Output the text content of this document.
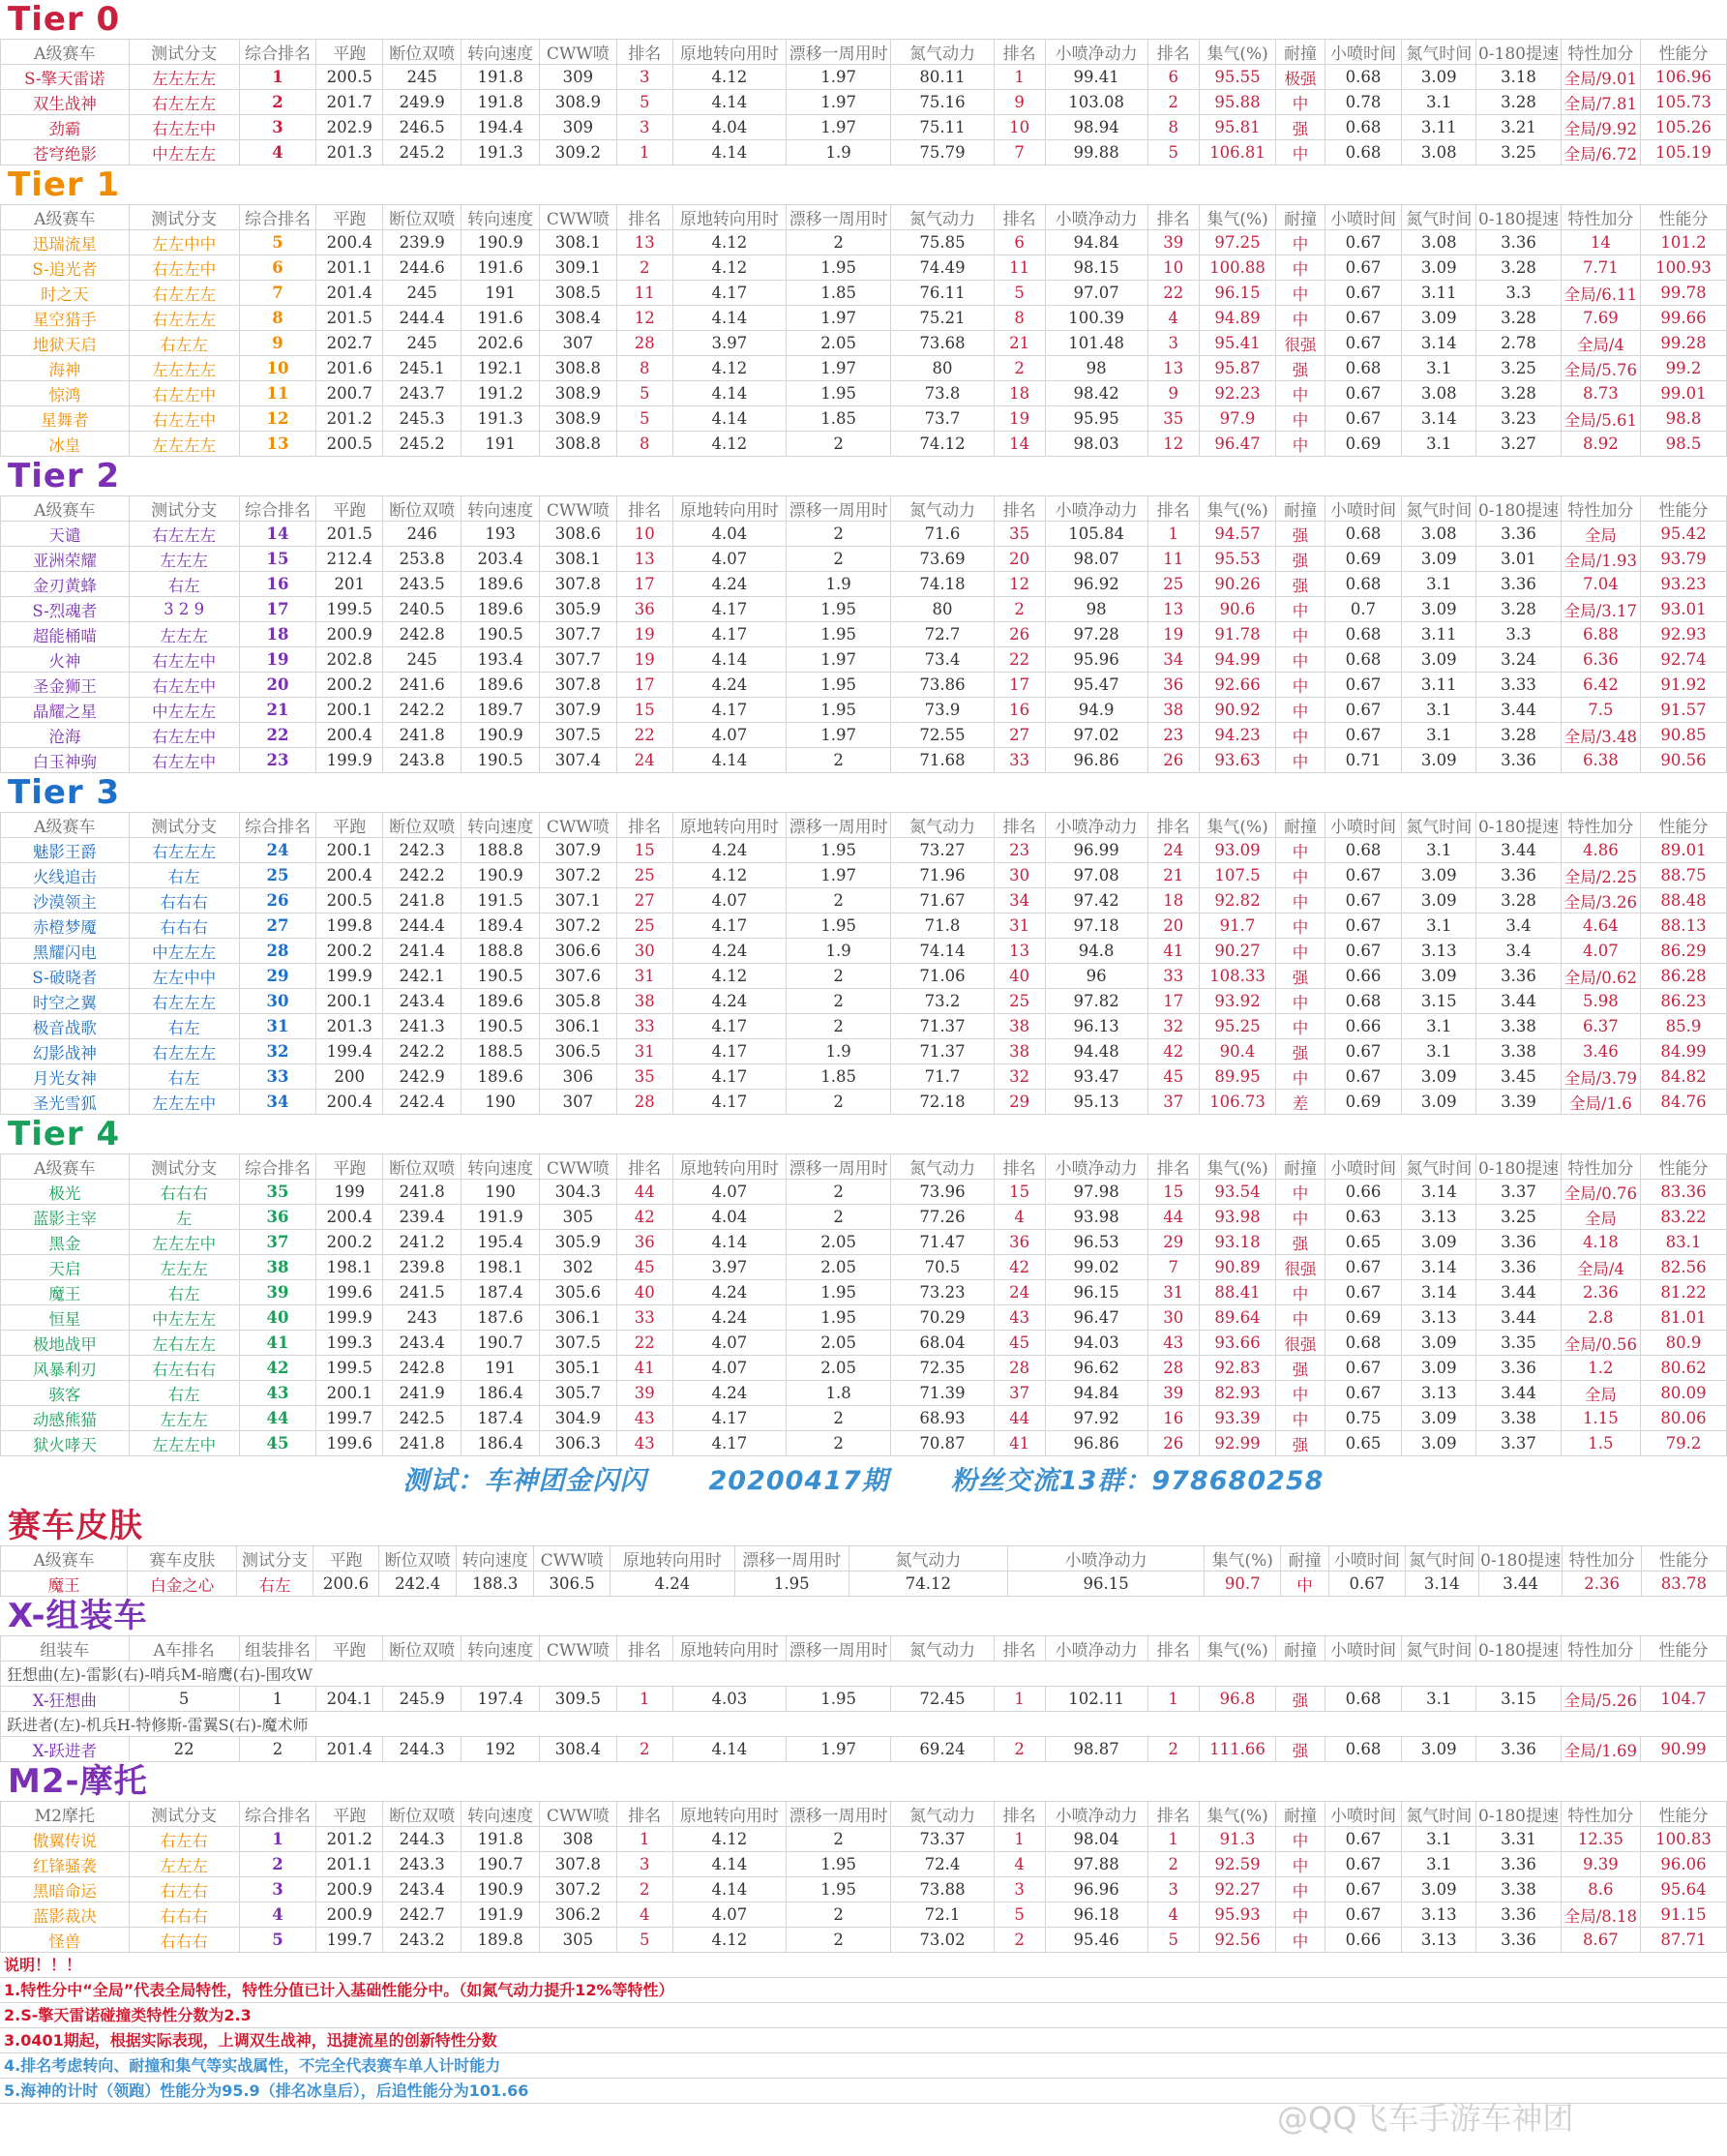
Tier 0
A级赛车	测试分支	综合排名	平跑	断位双喷	转向速度	CWW喷	排名	原地转向用时	漂移一周用时	氮气动力	排名	小喷净动力	排名	集气(%)	耐撞	小喷时间	氮气时间	0-180提速	特性加分	性能分
S-擎天雷诺	左左左左	1	200.5	245	191.8	309	3	4.12	1.97	80.11	1	99.41	6	95.55	极强	0.68	3.09	3.18	全局/9.01	106.96
双生战神	右左左左	2	201.7	249.9	191.8	308.9	5	4.14	1.97	75.16	9	103.08	2	95.88	中	0.78	3.1	3.28	全局/7.81	105.73
劲霸	右左左中	3	202.9	246.5	194.4	309	3	4.04	1.97	75.11	10	98.94	8	95.81	强	0.68	3.11	3.21	全局/9.92	105.26
苍穹绝影	中左左左	4	201.3	245.2	191.3	309.2	1	4.14	1.9	75.79	7	99.88	5	106.81	中	0.68	3.08	3.25	全局/6.72	105.19
Tier 1
A级赛车	测试分支	综合排名	平跑	断位双喷	转向速度	CWW喷	排名	原地转向用时	漂移一周用时	氮气动力	排名	小喷净动力	排名	集气(%)	耐撞	小喷时间	氮气时间	0-180提速	特性加分	性能分
迅瑞流星	左左中中	5	200.4	239.9	190.9	308.1	13	4.12	2	75.85	6	94.84	39	97.25	中	0.67	3.08	3.36	14	101.2
S-追光者	右左左中	6	201.1	244.6	191.6	309.1	2	4.12	1.95	74.49	11	98.15	10	100.88	中	0.67	3.09	3.28	7.71	100.93
时之天	右左左左	7	201.4	245	191	308.5	11	4.17	1.85	76.11	5	97.07	22	96.15	中	0.67	3.11	3.3	全局/6.11	99.78
星空猎手	右左左左	8	201.5	244.4	191.6	308.4	12	4.14	1.97	75.21	8	100.39	4	94.89	中	0.67	3.09	3.28	7.69	99.66
地狱天启	右左左	9	202.7	245	202.6	307	28	3.97	2.05	73.68	21	101.48	3	95.41	很强	0.67	3.14	2.78	全局/4	99.28
海神	左左左左	10	201.6	245.1	192.1	308.8	8	4.12	1.97	80	2	98	13	95.87	强	0.68	3.1	3.25	全局/5.76	99.2
惊鸿	右左左中	11	200.7	243.7	191.2	308.9	5	4.14	1.95	73.8	18	98.42	9	92.23	中	0.67	3.08	3.28	8.73	99.01
星舞者	右左左中	12	201.2	245.3	191.3	308.9	5	4.14	1.85	73.7	19	95.95	35	97.9	中	0.67	3.14	3.23	全局/5.61	98.8
冰皇	左左左左	13	200.5	245.2	191	308.8	8	4.12	2	74.12	14	98.03	12	96.47	中	0.69	3.1	3.27	8.92	98.5
Tier 2
A级赛车	测试分支	综合排名	平跑	断位双喷	转向速度	CWW喷	排名	原地转向用时	漂移一周用时	氮气动力	排名	小喷净动力	排名	集气(%)	耐撞	小喷时间	氮气时间	0-180提速	特性加分	性能分
天谴	右左左左	14	201.5	246	193	308.6	10	4.04	2	71.6	35	105.84	1	94.57	强	0.68	3.08	3.36	全局	95.42
亚洲荣耀	左左左	15	212.4	253.8	203.4	308.1	13	4.07	2	73.69	20	98.07	11	95.53	强	0.69	3.09	3.01	全局/1.93	93.79
金刃黄蜂	右左	16	201	243.5	189.6	307.8	17	4.24	1.9	74.18	12	96.92	25	90.26	强	0.68	3.1	3.36	7.04	93.23
S-烈魂者	3 2 9	17	199.5	240.5	189.6	305.9	36	4.17	1.95	80	2	98	13	90.6	中	0.7	3.09	3.28	全局/3.17	93.01
超能桶喵	左左左	18	200.9	242.8	190.5	307.7	19	4.17	1.95	72.7	26	97.28	19	91.78	中	0.68	3.11	3.3	6.88	92.93
火神	右左左中	19	202.8	245	193.4	307.7	19	4.14	1.97	73.4	22	95.96	34	94.99	中	0.68	3.09	3.24	6.36	92.74
圣金狮王	右左左中	20	200.2	241.6	189.6	307.8	17	4.24	1.95	73.86	17	95.47	36	92.66	中	0.67	3.11	3.33	6.42	91.92
晶耀之星	中左左左	21	200.1	242.2	189.7	307.9	15	4.17	1.95	73.9	16	94.9	38	90.92	中	0.67	3.1	3.44	7.5	91.57
沧海	右左左中	22	200.4	241.8	190.9	307.5	22	4.07	1.97	72.55	27	97.02	23	94.23	中	0.67	3.1	3.28	全局/3.48	90.85
白玉神驹	右左左中	23	199.9	243.8	190.5	307.4	24	4.14	2	71.68	33	96.86	26	93.63	中	0.71	3.09	3.36	6.38	90.56
Tier 3
A级赛车	测试分支	综合排名	平跑	断位双喷	转向速度	CWW喷	排名	原地转向用时	漂移一周用时	氮气动力	排名	小喷净动力	排名	集气(%)	耐撞	小喷时间	氮气时间	0-180提速	特性加分	性能分
魅影王爵	右左左左	24	200.1	242.3	188.8	307.9	15	4.24	1.95	73.27	23	96.99	24	93.09	中	0.68	3.1	3.44	4.86	89.01
火线追击	右左	25	200.4	242.2	190.9	307.2	25	4.12	1.97	71.96	30	97.08	21	107.5	中	0.67	3.09	3.36	全局/2.25	88.75
沙漠领主	右右右	26	200.5	241.8	191.5	307.1	27	4.07	2	71.67	34	97.42	18	92.82	中	0.67	3.09	3.28	全局/3.26	88.48
赤橙梦魇	右右右	27	199.8	244.4	189.4	307.2	25	4.17	1.95	71.8	31	97.18	20	91.7	中	0.67	3.1	3.4	4.64	88.13
黑耀闪电	中左左左	28	200.2	241.4	188.8	306.6	30	4.24	1.9	74.14	13	94.8	41	90.27	中	0.67	3.13	3.4	4.07	86.29
S-破晓者	左左中中	29	199.9	242.1	190.5	307.6	31	4.12	2	71.06	40	96	33	108.33	强	0.66	3.09	3.36	全局/0.62	86.28
时空之翼	右左左左	30	200.1	243.4	189.6	305.8	38	4.24	2	73.2	25	97.82	17	93.92	中	0.68	3.15	3.44	5.98	86.23
极音战歌	右左	31	201.3	241.3	190.5	306.1	33	4.17	2	71.37	38	96.13	32	95.25	中	0.66	3.1	3.38	6.37	85.9
幻影战神	右左左左	32	199.4	242.2	188.5	306.5	31	4.17	1.9	71.37	38	94.48	42	90.4	强	0.67	3.1	3.38	3.46	84.99
月光女神	右左	33	200	242.9	189.6	306	35	4.17	1.85	71.7	32	93.47	45	89.95	中	0.67	3.09	3.45	全局/3.79	84.82
圣光雪狐	左左左中	34	200.4	242.4	190	307	28	4.17	2	72.18	29	95.13	37	106.73	差	0.69	3.09	3.39	全局/1.6	84.76
Tier 4
A级赛车	测试分支	综合排名	平跑	断位双喷	转向速度	CWW喷	排名	原地转向用时	漂移一周用时	氮气动力	排名	小喷净动力	排名	集气(%)	耐撞	小喷时间	氮气时间	0-180提速	特性加分	性能分
极光	右右右	35	199	241.8	190	304.3	44	4.07	2	73.96	15	97.98	15	93.54	中	0.66	3.14	3.37	全局/0.76	83.36
蓝影主宰	左	36	200.4	239.4	191.9	305	42	4.04	2	77.26	4	93.98	44	93.98	中	0.63	3.13	3.25	全局	83.22
黑金	左左左中	37	200.2	241.2	195.4	305.9	36	4.14	2.05	71.47	36	96.53	29	93.18	强	0.65	3.09	3.36	4.18	83.1
天启	左左左	38	198.1	239.8	198.1	302	45	3.97	2.05	70.5	42	99.02	7	90.89	很强	0.67	3.14	3.36	全局/4	82.56
魔王	右左	39	199.6	241.5	187.4	305.6	40	4.24	1.95	73.23	24	96.15	31	88.41	中	0.67	3.14	3.44	2.36	81.22
恒星	中左左左	40	199.9	243	187.6	306.1	33	4.24	1.95	70.29	43	96.47	30	89.64	中	0.69	3.13	3.44	2.8	81.01
极地战甲	左右左左	41	199.3	243.4	190.7	307.5	22	4.07	2.05	68.04	45	94.03	43	93.66	很强	0.68	3.09	3.35	全局/0.56	80.9
风暴利刃	右左右右	42	199.5	242.8	191	305.1	41	4.07	2.05	72.35	28	96.62	28	92.83	强	0.67	3.09	3.36	1.2	80.62
骇客	右左	43	200.1	241.9	186.4	305.7	39	4.24	1.8	71.39	37	94.84	39	82.93	中	0.67	3.13	3.44	全局	80.09
动感熊猫	左左左	44	199.7	242.5	187.4	304.9	43	4.17	2	68.93	44	97.92	16	93.39	中	0.75	3.09	3.38	1.15	80.06
狱火哮天	左左左中	45	199.6	241.8	186.4	306.3	43	4.17	2	70.87	41	96.86	26	92.99	强	0.65	3.09	3.37	1.5	79.2
测试：车神团金闪闪 20200417期 粉丝交流13群：978680258
赛车皮肤
A级赛车	赛车皮肤	测试分支	平跑	断位双喷	转向速度	CWW喷	原地转向用时	漂移一周用时	氮气动力	小喷净动力	集气(%)	耐撞	小喷时间	氮气时间	0-180提速	特性加分	性能分
魔王	白金之心	右左	200.6	242.4	188.3	306.5	4.24	1.95	74.12	96.15	90.7	中	0.67	3.14	3.44	2.36	83.78
X-组装车
组装车	A车排名	组装排名	平跑	断位双喷	转向速度	CWW喷	排名	原地转向用时	漂移一周用时	氮气动力	排名	小喷净动力	排名	集气(%)	耐撞	小喷时间	氮气时间	0-180提速	特性加分	性能分
狂想曲(左)-雷影(右)-哨兵M-暗鹰(右)-围攻W																				
X-狂想曲	5	1	204.1	245.9	197.4	309.5	1	4.03	1.95	72.45	1	102.11	1	96.8	强	0.68	3.1	3.15	全局/5.26	104.7
跃进者(左)-机兵H-特修斯-雷翼S(右)-魔术师																				
X-跃进者	22	2	201.4	244.3	192	308.4	2	4.14	1.97	69.24	2	98.87	2	111.66	强	0.68	3.09	3.36	全局/1.69	90.99
M2-摩托
M2摩托	测试分支	综合排名	平跑	断位双喷	转向速度	CWW喷	排名	原地转向用时	漂移一周用时	氮气动力	排名	小喷净动力	排名	集气(%)	耐撞	小喷时间	氮气时间	0-180提速	特性加分	性能分
傲翼传说	右左右	1	201.2	244.3	191.8	308	1	4.12	2	73.37	1	98.04	1	91.3	中	0.67	3.1	3.31	12.35	100.83
红锋骚袭	左左左	2	201.1	243.3	190.7	307.8	3	4.14	1.95	72.4	4	97.88	2	92.59	中	0.67	3.1	3.36	9.39	96.06
黑暗命运	右左右	3	200.9	243.4	190.9	307.2	2	4.14	1.95	73.88	3	96.96	3	92.27	中	0.67	3.09	3.38	8.6	95.64
蓝影裁决	右右右	4	200.9	242.7	191.9	306.2	4	4.07	2	72.1	5	96.18	4	95.93	中	0.67	3.13	3.36	全局/8.18	91.15
怪兽	右右右	5	199.7	243.2	189.8	305	5	4.12	2	73.02	2	95.46	5	92.56	中	0.66	3.13	3.36	8.67	87.71
说明！！！
1.特性分中“全局”代表全局特性，特性分值已计入基础性能分中。（如氮气动力提升12%等特性）
2.S-擎天雷诺碰撞类特性分数为2.3
3.0401期起，根据实际表现，上调双生战神，迅捷流星的创新特性分数
4.排名考虑转向、耐撞和集气等实战属性，不完全代表赛车单人计时能力
5.海神的计时（领跑）性能分为95.9（排名冰皇后），后追性能分为101.66
@QQ飞车手游车神团
